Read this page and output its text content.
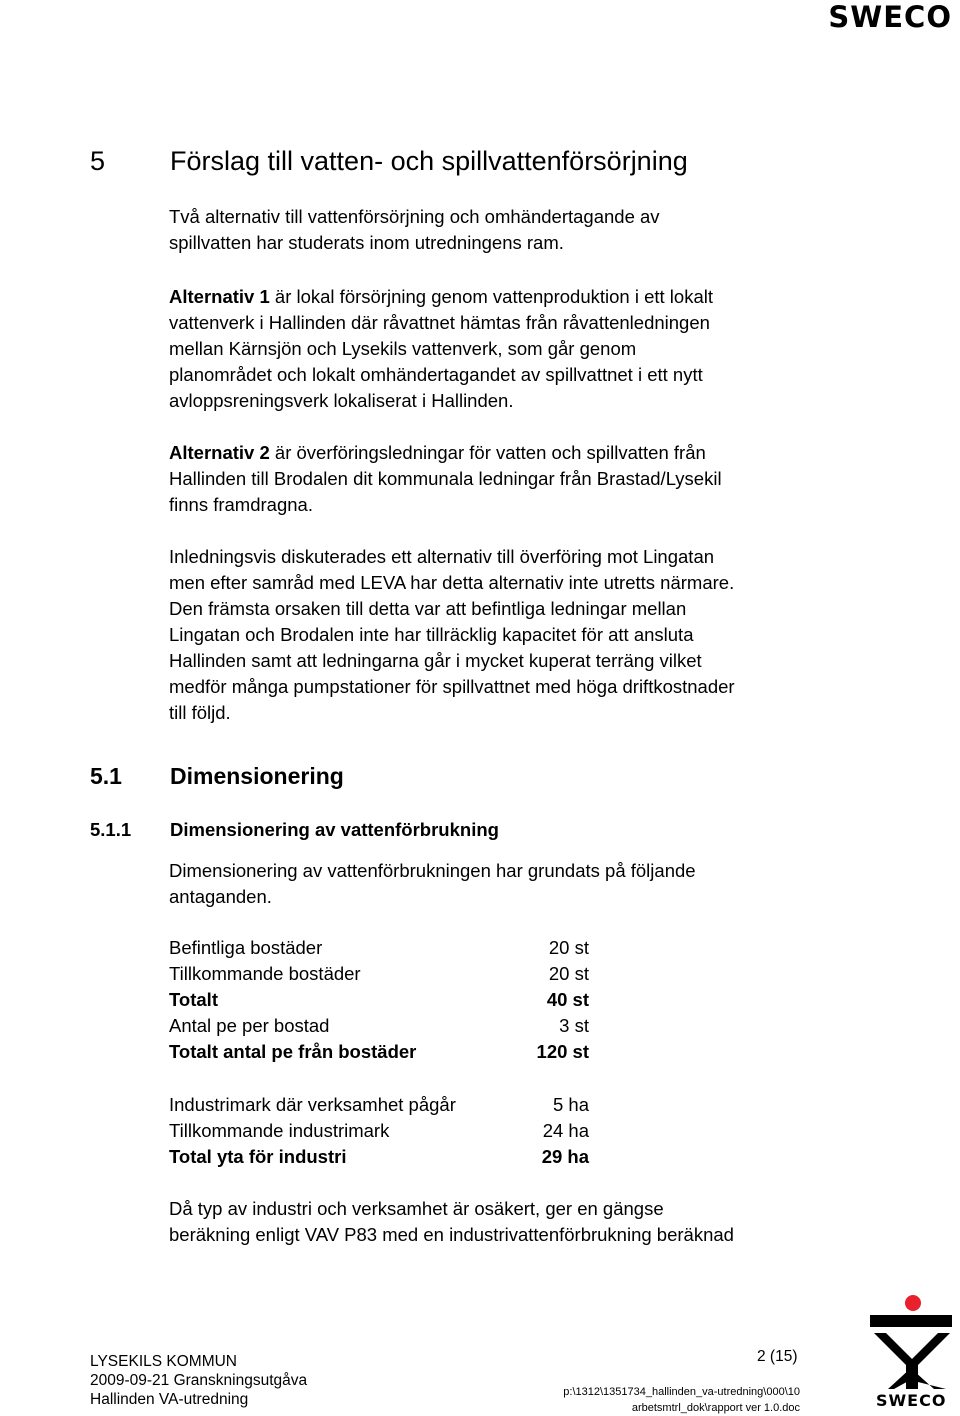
SWECO
5 Förslag till vatten- och spillvattenförsörjning
Två alternativ till vattenförsörjning och omhändertagande av
spillvatten har studerats inom utredningens ram.
Alternativ 1 är lokal försörjning genom vattenproduktion i ett lokalt
vattenverk i Hallinden där råvattnet hämtas från råvattenledningen
mellan Kärnsjön och Lysekils vattenverk, som går genom
planområdet och lokalt omhändertagandet av spillvattnet i ett nytt
avloppsreningsverk lokaliserat i Hallinden.
Alternativ 2 är överföringsledningar för vatten och spillvatten från
Hallinden till Brodalen dit kommunala ledningar från Brastad/Lysekil
finns framdragna.
Inledningsvis diskuterades ett alternativ till överföring mot Lingatan
men efter samråd med LEVA har detta alternativ inte utretts närmare.
Den främsta orsaken till detta var att befintliga ledningar mellan
Lingatan och Brodalen inte har tillräcklig kapacitet för att ansluta
Hallinden samt att ledningarna går i mycket kuperat terräng vilket
medför många pumpstationer för spillvattnet med höga driftkostnader
till följd.
5.1 Dimensionering
5.1.1 Dimensionering av vattenförbrukning
Dimensionering av vattenförbrukningen har grundats på följande
antaganden.
Befintliga bostäder	20 st
Tillkommande bostäder	20 st
Totalt	40 st
Antal pe per bostad	3 st
Totalt antal pe från bostäder	120 st
Industrimark där verksamhet pågår	5 ha
Tillkommande industrimark	24 ha
Total yta för industri	29 ha
Då typ av industri och verksamhet är osäkert, ger en gängse
beräkning enligt VAV P83 med en industrivattenförbrukning beräknad
LYSEKILS KOMMUN
2009-09-21 Granskningsutgåva
Hallinden VA-utredning
2 (15)
p:\1312\1351734_hallinden_va-utredning\000\10
arbetsmtrl_dok\rapport ver 1.0.doc	SWECO
